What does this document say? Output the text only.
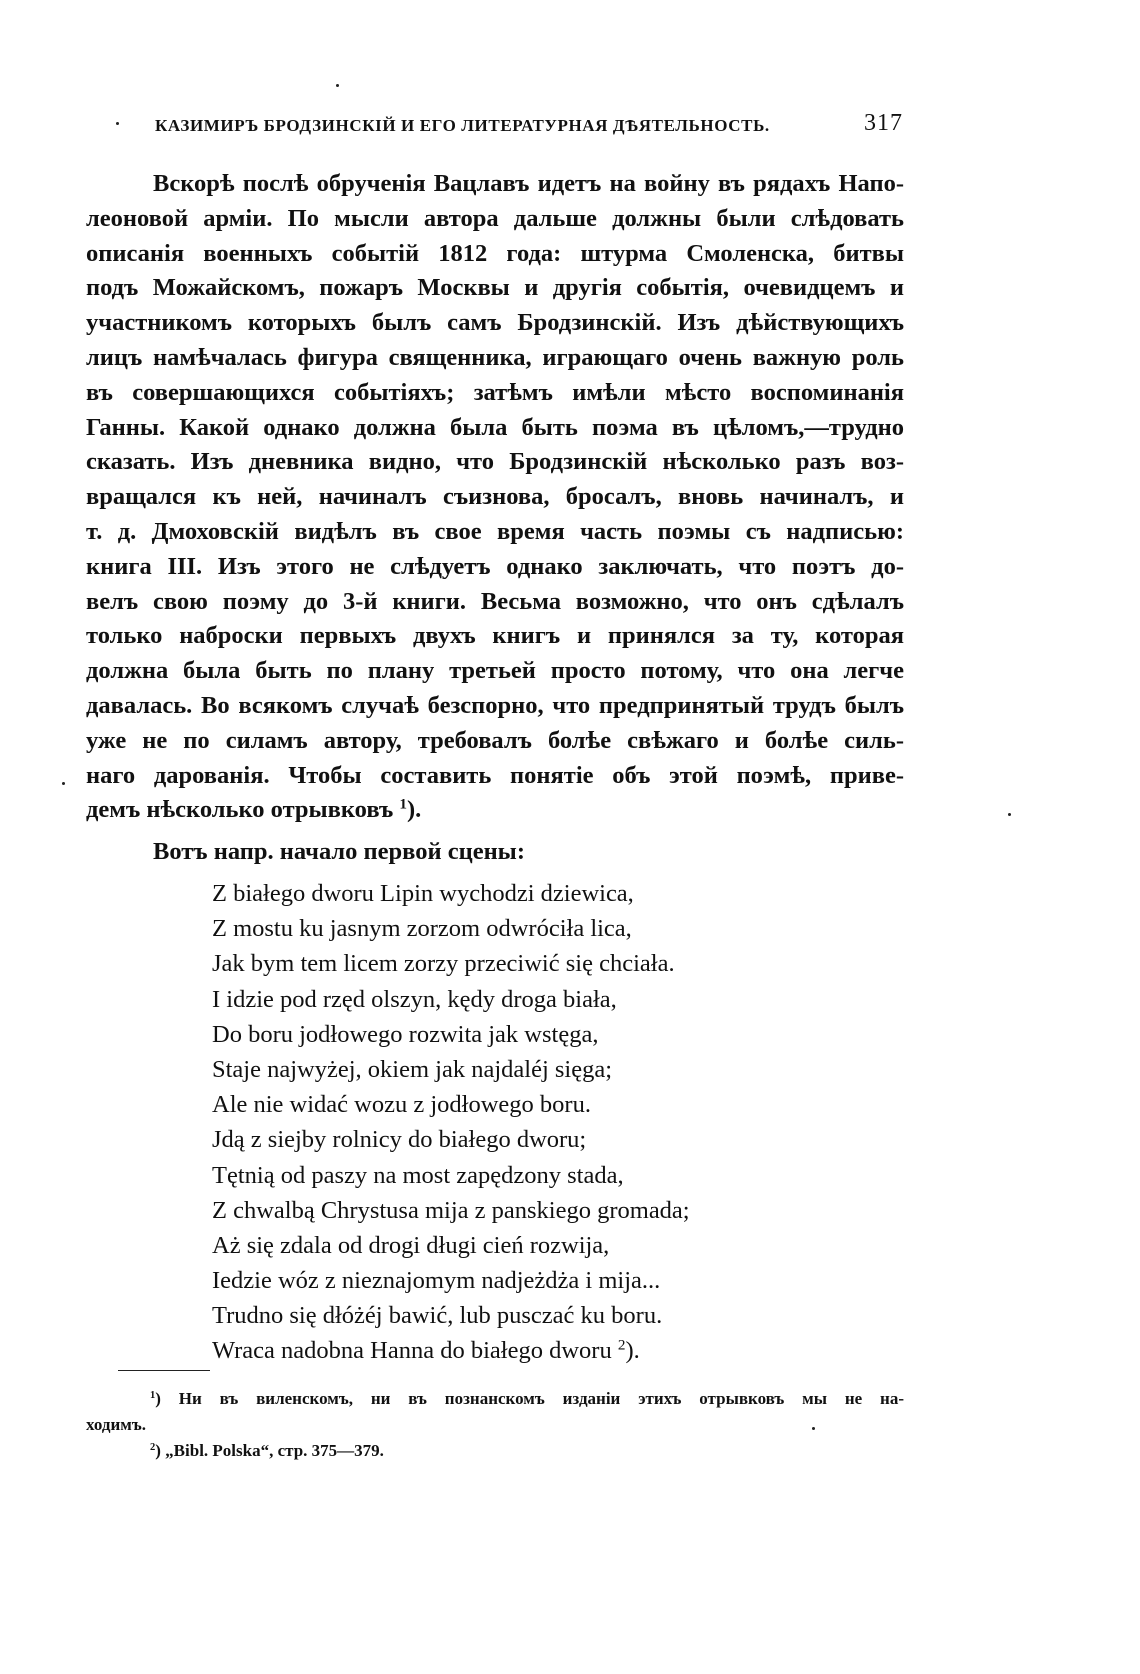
КАЗИМИРЪ БРОДЗИНСКІЙ И ЕГО ЛИТЕРАТУРНАЯ ДѢЯТЕЛЬНОСТЬ.	317
Вскорѣ послѣ обрученія Вацлавъ идетъ на войну въ рядахъ Напо-
леоновой арміи. По мысли автора дальше должны были слѣдовать
описанія военныхъ событій 1812 года: штурма Смоленска, битвы
подъ Можайскомъ, пожаръ Москвы и другія событія, очевидцемъ и
участникомъ которыхъ былъ самъ Бродзинскій. Изъ дѣйствующихъ
лицъ намѣчалась фигура священника, играющаго очень важную роль
въ совершающихся событіяхъ; затѣмъ имѣли мѣсто воспоминанія
Ганны. Какой однако должна была быть поэма въ цѣломъ,—трудно
сказать. Изъ дневника видно, что Бродзинскій нѣсколько разъ воз-
вращался къ ней, начиналъ съизнова, бросалъ, вновь начиналъ, и
т. д. Дмоховскій видѣлъ въ свое время часть поэмы съ надписью:
книга III. Изъ этого не слѣдуетъ однако заключать, что поэтъ до-
велъ свою поэму до 3-й книги. Весьма возможно, что онъ сдѣлалъ
только наброски первыхъ двухъ книгъ и принялся за ту, которая
должна была быть по плану третьей просто потому, что она легче
давалась. Во всякомъ случаѣ безспорно, что предпринятый трудъ былъ
уже не по силамъ автору, требовалъ болѣе свѣжаго и болѣе силь-
наго дарованія. Чтобы составить понятіе объ этой поэмѣ, приве-
демъ нѣсколько отрывковъ $^1$).
Вотъ напр. начало первой сцены:
Z białego dworu Lipin wychodzi dziewica,
Z mostu ku jasnym zorzom odwróciła lica,
Jak bym tem licem zorzy przeciwić się chciała.
I idzie pod rzęd olszyn, kędy droga biała,
Do boru jodłowego rozwita jak wstęga,
Staje najwyżej, okiem jak najdaléj sięga;
Ale nie widać wozu z jodłowego boru.
Jdą z siejby rolnicy do białego dworu;
Tętnią od paszy na most zapędzony stada,
Z chwalbą Chrystusa mija z panskiego gromada;
Aż się zdala od drogi długi cień rozwija,
Iedzie wóz z nieznajomym nadjeżdża i mija...
Trudno się dłóżéj bawić, lub pusczać ku boru.
Wraca nadobna Hanna do białego dworu $^2$).
$^1$) Ни въ виленскомъ, ни въ познанскомъ изданіи этихъ отрывковъ мы не на-
ходимъ.
$^2$) „Bibl. Polska“, стр. 375—379.
